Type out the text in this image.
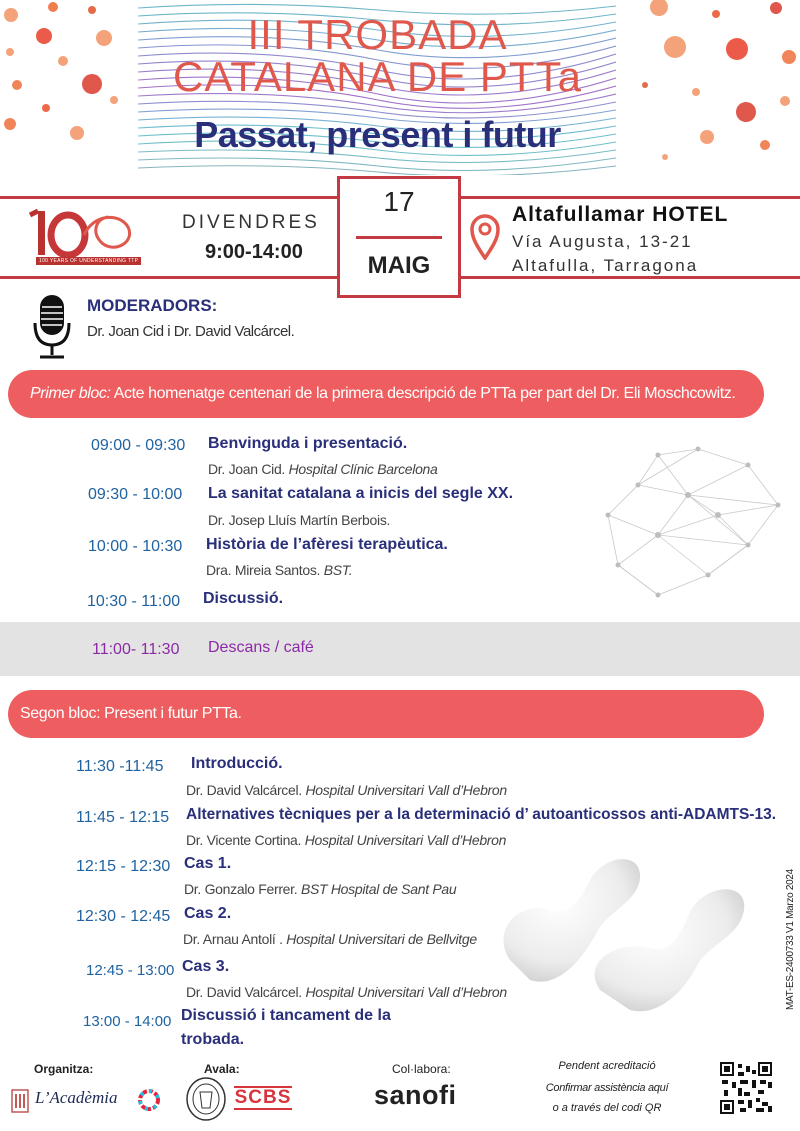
III TROBADA
CATALANA DE PTTa
Passat, present i futur
100 YEARS OF UNDERSTANDING TTP
DIVENDRES
9:00-14:00
17
MAIG
Altafullamar HOTEL
Vía Augusta, 13-21
Altafulla, Tarragona
MODERADORS:
Dr. Joan Cid i Dr. David Valcárcel.
Primer bloc: Acte homenatge centenari de la primera descripció de PTTa per part del Dr. Eli Moschcowitz.
09:00 - 09:30 Benvinguda i presentació.
Dr. Joan Cid. Hospital Clínic Barcelona
09:30 - 10:00 La sanitat catalana a inicis del segle XX.
Dr. Josep Lluís Martín Berbois.
10:00 - 10:30 Història de l’afèresi terapèutica.
Dra. Mireia Santos. BST.
10:30 - 11:00 Discussió.
11:00- 11:30 Descans / café
Segon bloc: Present i futur PTTa.
MAT-ES-2400733 V1 Marzo 2024
11:30 -11:45 Introducció.
Dr. David Valcárcel. Hospital Universitari Vall d’Hebron
11:45 - 12:15 Alternatives tècniques per a la determinació d’ autoanticossos anti-ADAMTS-13.
Dr. Vicente Cortina. Hospital Universitari Vall d’Hebron
12:15 - 12:30 Cas 1.
Dr. Gonzalo Ferrer. BST Hospital de Sant Pau
12:30 - 12:45 Cas 2.
Dr. Arnau Antolí . Hospital Universitari de Bellvitge
12:45 - 13:00 Cas 3.
Dr. David Valcárcel. Hospital Universitari Vall d’Hebron
13:00 - 14:00 Discussió i tancament de la
trobada.
Organitza:	Avala:	Col·labora:
L’Acadèmia	SCBS	sanofi
Pendent acreditació
Confirmar assistència aquí
o a través del codi QR
